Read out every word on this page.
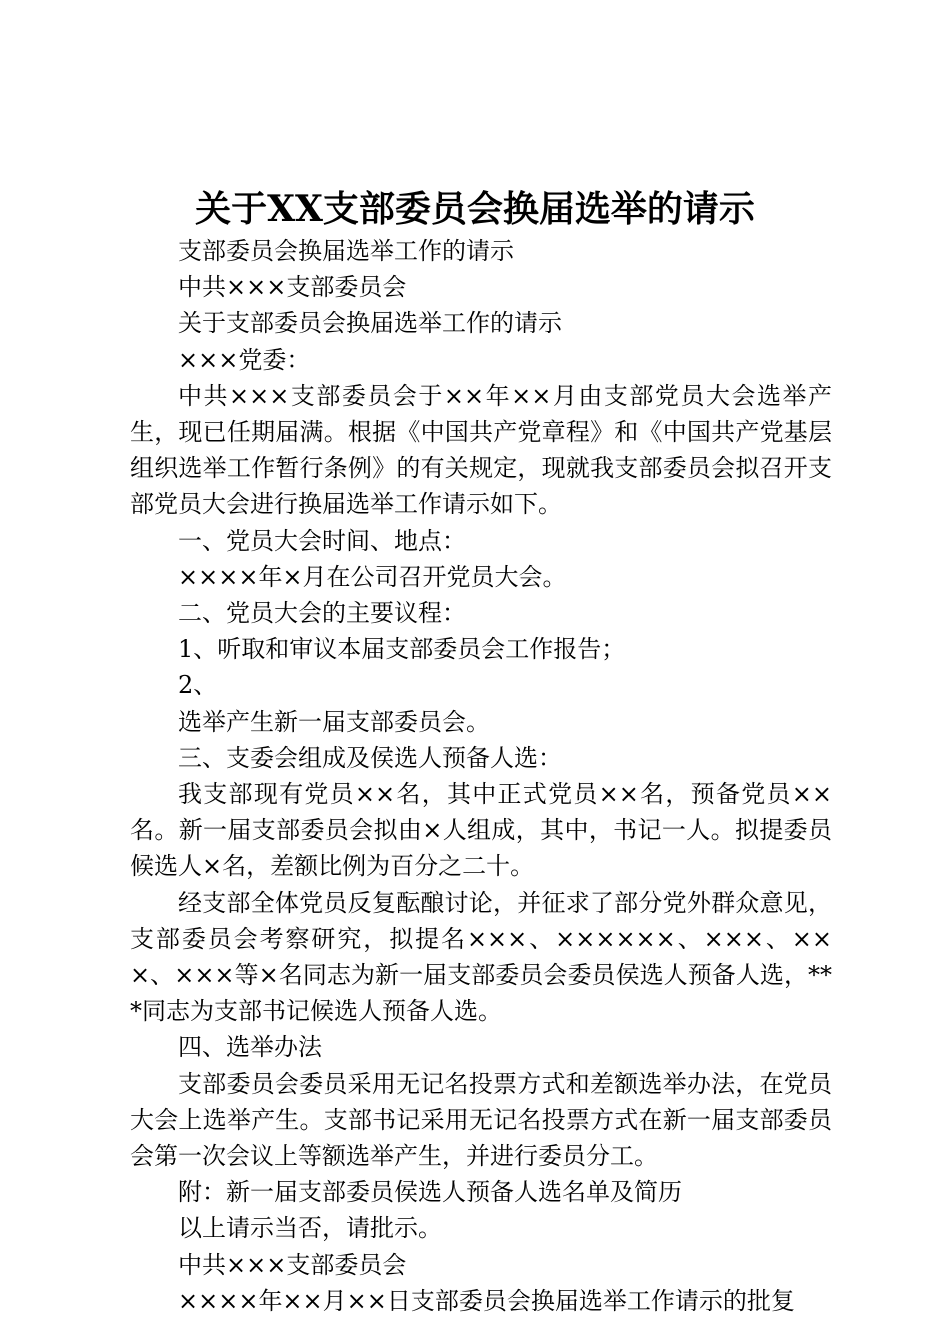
关于XX支部委员会换届选举的请示

支部委员会换届选举工作的请示

中共×××支部委员会

关于支部委员会换届选举工作的请示

×××党委：

中共×××支部委员会于××年××月由支部党员大会选举产生，现已任期届满。根据《中国共产党章程》和《中国共产党基层组织选举工作暂行条例》的有关规定，现就我支部委员会拟召开支部党员大会进行换届选举工作请示如下。

一、党员大会时间、地点：

××××年×月在公司召开党员大会。

二、党员大会的主要议程：

1、听取和审议本届支部委员会工作报告；

2、

选举产生新一届支部委员会。

三、支委会组成及侯选人预备人选：

我支部现有党员××名，其中正式党员××名，预备党员××名。新一届支部委员会拟由×人组成，其中，书记一人。拟提委员候选人×名，差额比例为百分之二十。

经支部全体党员反复酝酿讨论，并征求了部分党外群众意见，支部委员会考察研究，拟提名×××、××××××、×××、×××、×××等×名同志为新一届支部委员会委员侯选人预备人选，***同志为支部书记候选人预备人选。

四、选举办法

支部委员会委员采用无记名投票方式和差额选举办法，在党员大会上选举产生。支部书记采用无记名投票方式在新一届支部委员会第一次会议上等额选举产生，并进行委员分工。

附：新一届支部委员侯选人预备人选名单及简历

以上请示当否，请批示。

中共×××支部委员会

××××年××月××日支部委员会换届选举工作请示的批复
